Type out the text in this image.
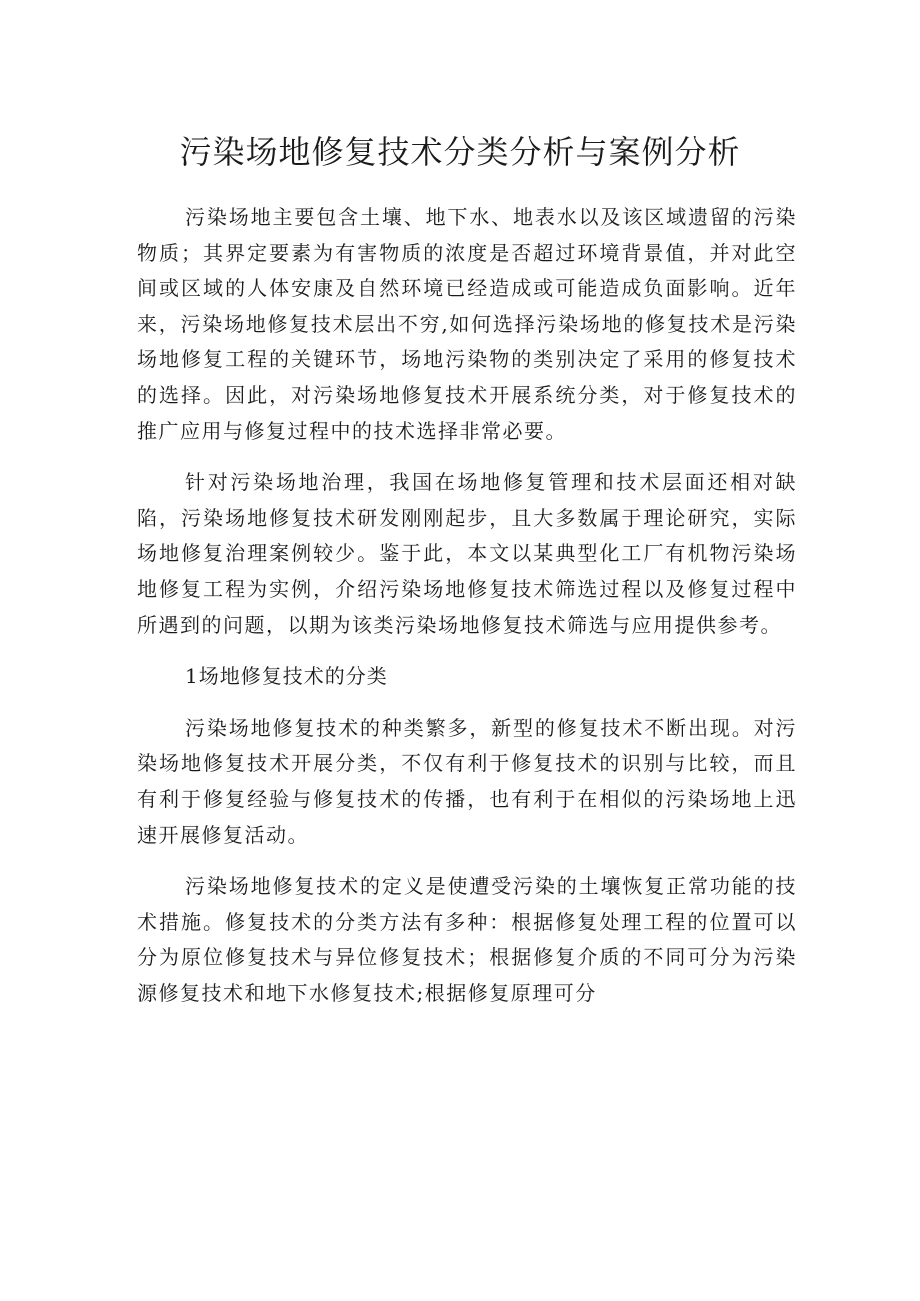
污染场地修复技术分类分析与案例分析

污染场地主要包含土壤、地下水、地表水以及该区域遗留的污染物质；其界定要素为有害物质的浓度是否超过环境背景值，并对此空间或区域的人体安康及自然环境已经造成或可能造成负面影响。近年来，污染场地修复技术层出不穷,如何选择污染场地的修复技术是污染场地修复工程的关键环节，场地污染物的类别决定了采用的修复技术的选择。因此，对污染场地修复技术开展系统分类，对于修复技术的推广应用与修复过程中的技术选择非常必要。

针对污染场地治理，我国在场地修复管理和技术层面还相对缺陷，污染场地修复技术研发刚刚起步，且大多数属于理论研究，实际场地修复治理案例较少。鉴于此，本文以某典型化工厂有机物污染场地修复工程为实例，介绍污染场地修复技术筛选过程以及修复过程中所遇到的问题，以期为该类污染场地修复技术筛选与应用提供参考。

1场地修复技术的分类

污染场地修复技术的种类繁多，新型的修复技术不断出现。对污染场地修复技术开展分类，不仅有利于修复技术的识别与比较，而且有利于修复经验与修复技术的传播，也有利于在相似的污染场地上迅速开展修复活动。

污染场地修复技术的定义是使遭受污染的土壤恢复正常功能的技术措施。修复技术的分类方法有多种：根据修复处理工程的位置可以分为原位修复技术与异位修复技术；根据修复介质的不同可分为污染源修复技术和地下水修复技术;根据修复原理可分
